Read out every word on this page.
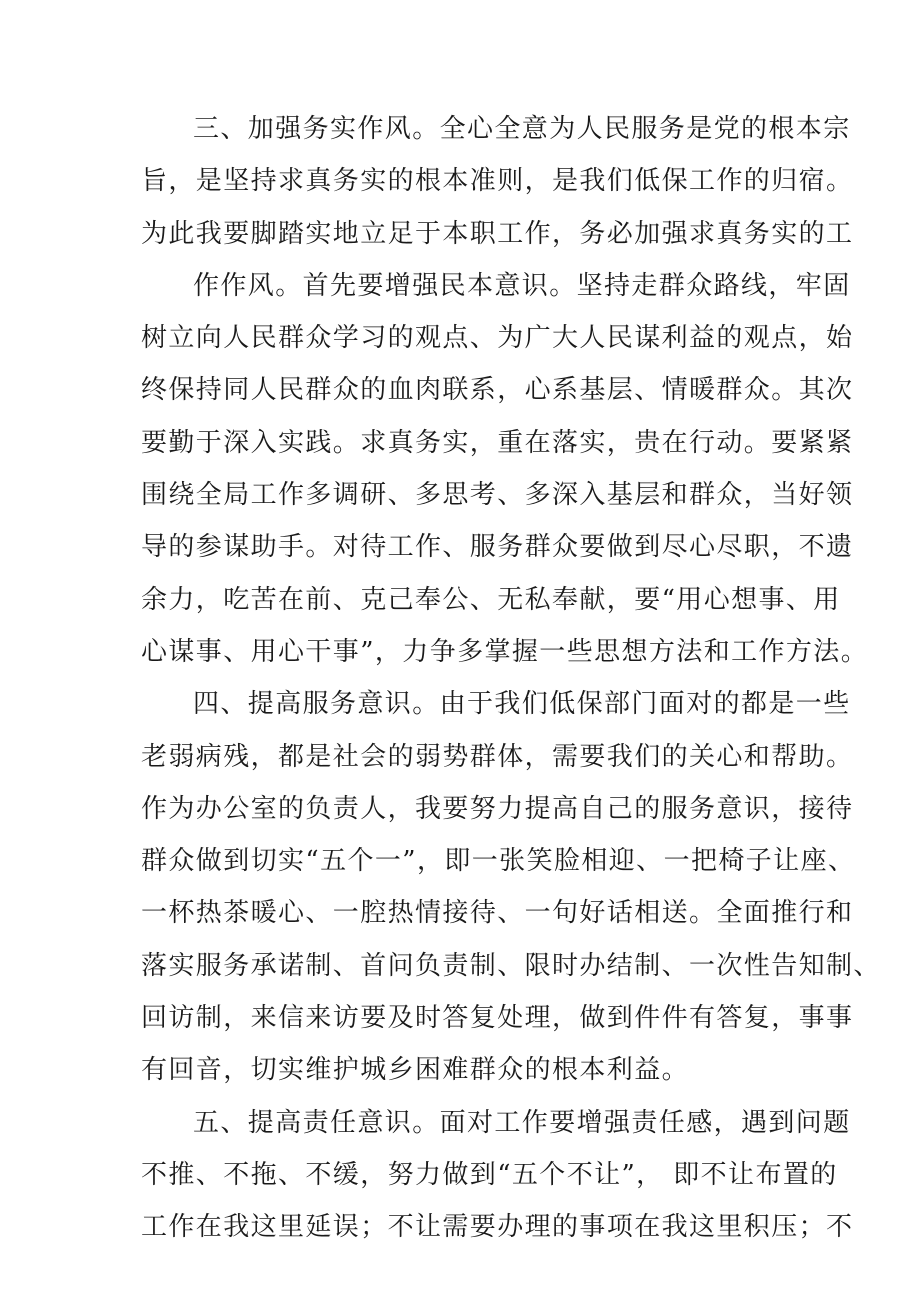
三、加强务实作风。全心全意为人民服务是党的根本宗
旨，是坚持求真务实的根本准则，是我们低保工作的归宿。
为此我要脚踏实地立足于本职工作，务必加强求真务实的工
作作风。首先要增强民本意识。坚持走群众路线，牢固
树立向人民群众学习的观点、为广大人民谋利益的观点，始
终保持同人民群众的血肉联系，心系基层、情暖群众。其次
要勤于深入实践。求真务实，重在落实，贵在行动。要紧紧
围绕全局工作多调研、多思考、多深入基层和群众，当好领
导的参谋助手。对待工作、服务群众要做到尽心尽职，不遗
余力，吃苦在前、克己奉公、无私奉献，要“用心想事、用
心谋事、用心干事”，力争多掌握一些思想方法和工作方法。
四、提高服务意识。由于我们低保部门面对的都是一些
老弱病残，都是社会的弱势群体，需要我们的关心和帮助。
作为办公室的负责人，我要努力提高自己的服务意识，接待
群众做到切实“五个一”，即一张笑脸相迎、一把椅子让座、
一杯热茶暖心、一腔热情接待、一句好话相送。全面推行和
落实服务承诺制、首问负责制、限时办结制、一次性告知制、
回访制，来信来访要及时答复处理，做到件件有答复，事事
有回音，切实维护城乡困难群众的根本利益。
五、提高责任意识。面对工作要增强责任感，遇到问题
不推、不拖、不缓，努力做到“五个不让”， 即不让布置的
工作在我这里延误；不让需要办理的事项在我这里积压；不
